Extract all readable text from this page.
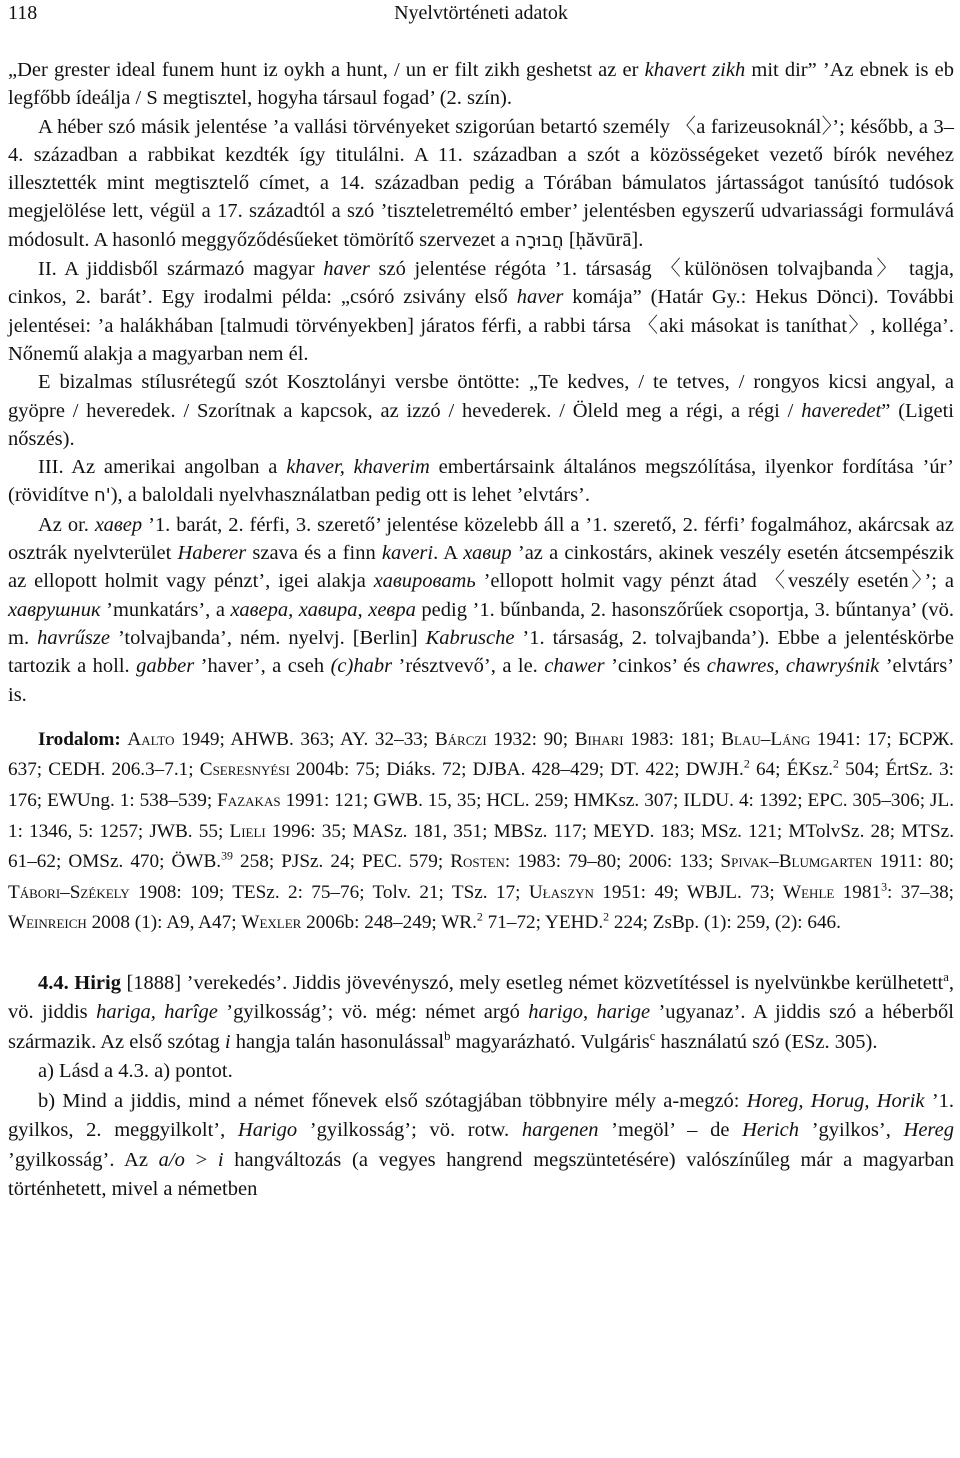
118	Nyelvtörténeti adatok

„Der grester ideal funem hunt iz oykh a hunt, / un er filt zikh geshetst az er khavert zikh mit dir” ’Az ebnek is eb legfőbb ídeálja / S megtisztel, hogyha társaul fogad’ (2. szín).

A héber szó másik jelentése ’a vallási törvényeket szigorúan betartó személy 〈a farizeusoknál〉’; később, a 3–4. században a rabbikat kezdték így titulálni. A 11. században a szót a közösségeket vezető bírók nevéhez illesztették mint megtisztelő címet, a 14. században pedig a Tórában bámulatos jártasságot tanúsító tudósok megjelölése lett, végül a 17. századtól a szó ’tiszteletreméltó ember’ jelentésben egyszerű udvariassági formulává módosult. A hasonló meggyőződésűeket tömörítő szervezet a חֲבוּרָה [ḥăvūrā].

II. A jiddisből származó magyar haver szó jelentése régóta ’1. társaság 〈különösen tolvajbanda〉 tagja, cinkos, 2. barát’. Egy irodalmi példa: „csóró zsivány első haver komája” (Határ Gy.: Hekus Dönci). További jelentései: ’a halákhában [talmudi törvényekben] járatos férfi, a rabbi társa 〈aki másokat is taníthat〉, kolléga’. Nőnemű alakja a magyarban nem él.

E bizalmas stílusrétegű szót Kosztolányi versbe öntötte: „Te kedves, / te tetves, / rongyos kicsi angyal, a gyöpre / heveredek. / Szorítnak a kapcsok, az izzó / hevederek. / Öleld meg a régi, a régi / haveredet” (Ligeti nőszés).

III. Az amerikai angolban a khaver, khaverim embertársaink általános megszólítása, ilyenkor fordítása ’úr’ (rövidítve ח'), a baloldali nyelvhasználatban pedig ott is lehet ’elvtárs’.

Az or. хавер ’1. barát, 2. férfi, 3. szerető’ jelentése közelebb áll a ’1. szerető, 2. férfi’ fogalmához, akárcsak az osztrák nyelvterület Haberer szava és a finn kaveri. A хавир ’az a cinkostárs, akinek veszély esetén átcsempészik az ellopott holmit vagy pénzt’, igei alakja хавировать ’ellopott holmit vagy pénzt átad 〈veszély esetén〉’; a хаврушник ’munkatárs’, a хавера, хавира, хевра pedig ’1. bűnbanda, 2. hasonszőrűek csoportja, 3. bűntanya’ (vö. m. havrűsze ’tolvajbanda’, ném. nyelvj. [Berlin] Kabrusche ’1. társaság, 2. tolvajbanda’). Ebbe a jelentéskörbe tartozik a holl. gabber ’haver’, a cseh (c)habr ’résztvevő’, a le. chawer ’cinkos’ és chawres, chawryśnik ’elvtárs’ is.

Irodalom: Aalto 1949; AHWB. 363; AY. 32–33; Bárczi 1932: 90; Bihari 1983: 181; Blau–Láng 1941: 17; БСРЖ. 637; CEDH. 206.3–7.1; Cseresnyési 2004b: 75; Diáks. 72; DJBA. 428–429; DT. 422; DWJH.$^2$ 64; ÉKsz.$^2$ 504; ÉrtSz. 3: 176; EWUng. 1: 538–539; Fazakas 1991: 121; GWB. 15, 35; HCL. 259; HMKsz. 307; ILDU. 4: 1392; EPC. 305–306; JL. 1: 1346, 5: 1257; JWB. 55; Lieli 1996: 35; MASz. 181, 351; MBSz. 117; MEYD. 183; MSz. 121; MTolvSz. 28; MTSz. 61–62; OMSz. 470; ÖWB.$^{39}$ 258; PJSz. 24; PEC. 579; Rosten: 1983: 79–80; 2006: 133; Spivak–Blumgarten 1911: 80; Tábori–Székely 1908: 109; TESz. 2: 75–76; Tolv. 21; TSz. 17; Ułaszyn 1951: 49; WBJL. 73; Wehle 1981$^3$: 37–38; Weinreich 2008 (1): A9, A47; Wexler 2006b: 248–249; WR.$^2$ 71–72; YEHD.$^2$ 224; ZsBp. (1): 259, (2): 646.

4.4. Hirig [1888] ’verekedés’. Jiddis jövevényszó, mely esetleg német közvetítéssel is nyelvünkbe kerülhetett$^a$, vö. jiddis hariga, harîge ’gyilkosság’; vö. még: német argó harigo, harige ’ugyanaz’. A jiddis szó a héberből származik. Az első szótag i hangja talán hasonulással$^b$ magyarázható. Vulgáris$^c$ használatú szó (ESz. 305).

a) Lásd a 4.3. a) pontot.

b) Mind a jiddis, mind a német főnevek első szótagjában többnyire mély a-megzó: Horeg, Horug, Horik ’1. gyilkos, 2. meggyilkolt’, Harigo ’gyilkosság’; vö. rotw. hargenen ’megöl’ – de Herich ’gyilkos’, Hereg ’gyilkosság’. Az a/o > i hangváltozás (a vegyes hangrend megszüntetésére) valószínűleg már a magyarban történhetett, mivel a németben
